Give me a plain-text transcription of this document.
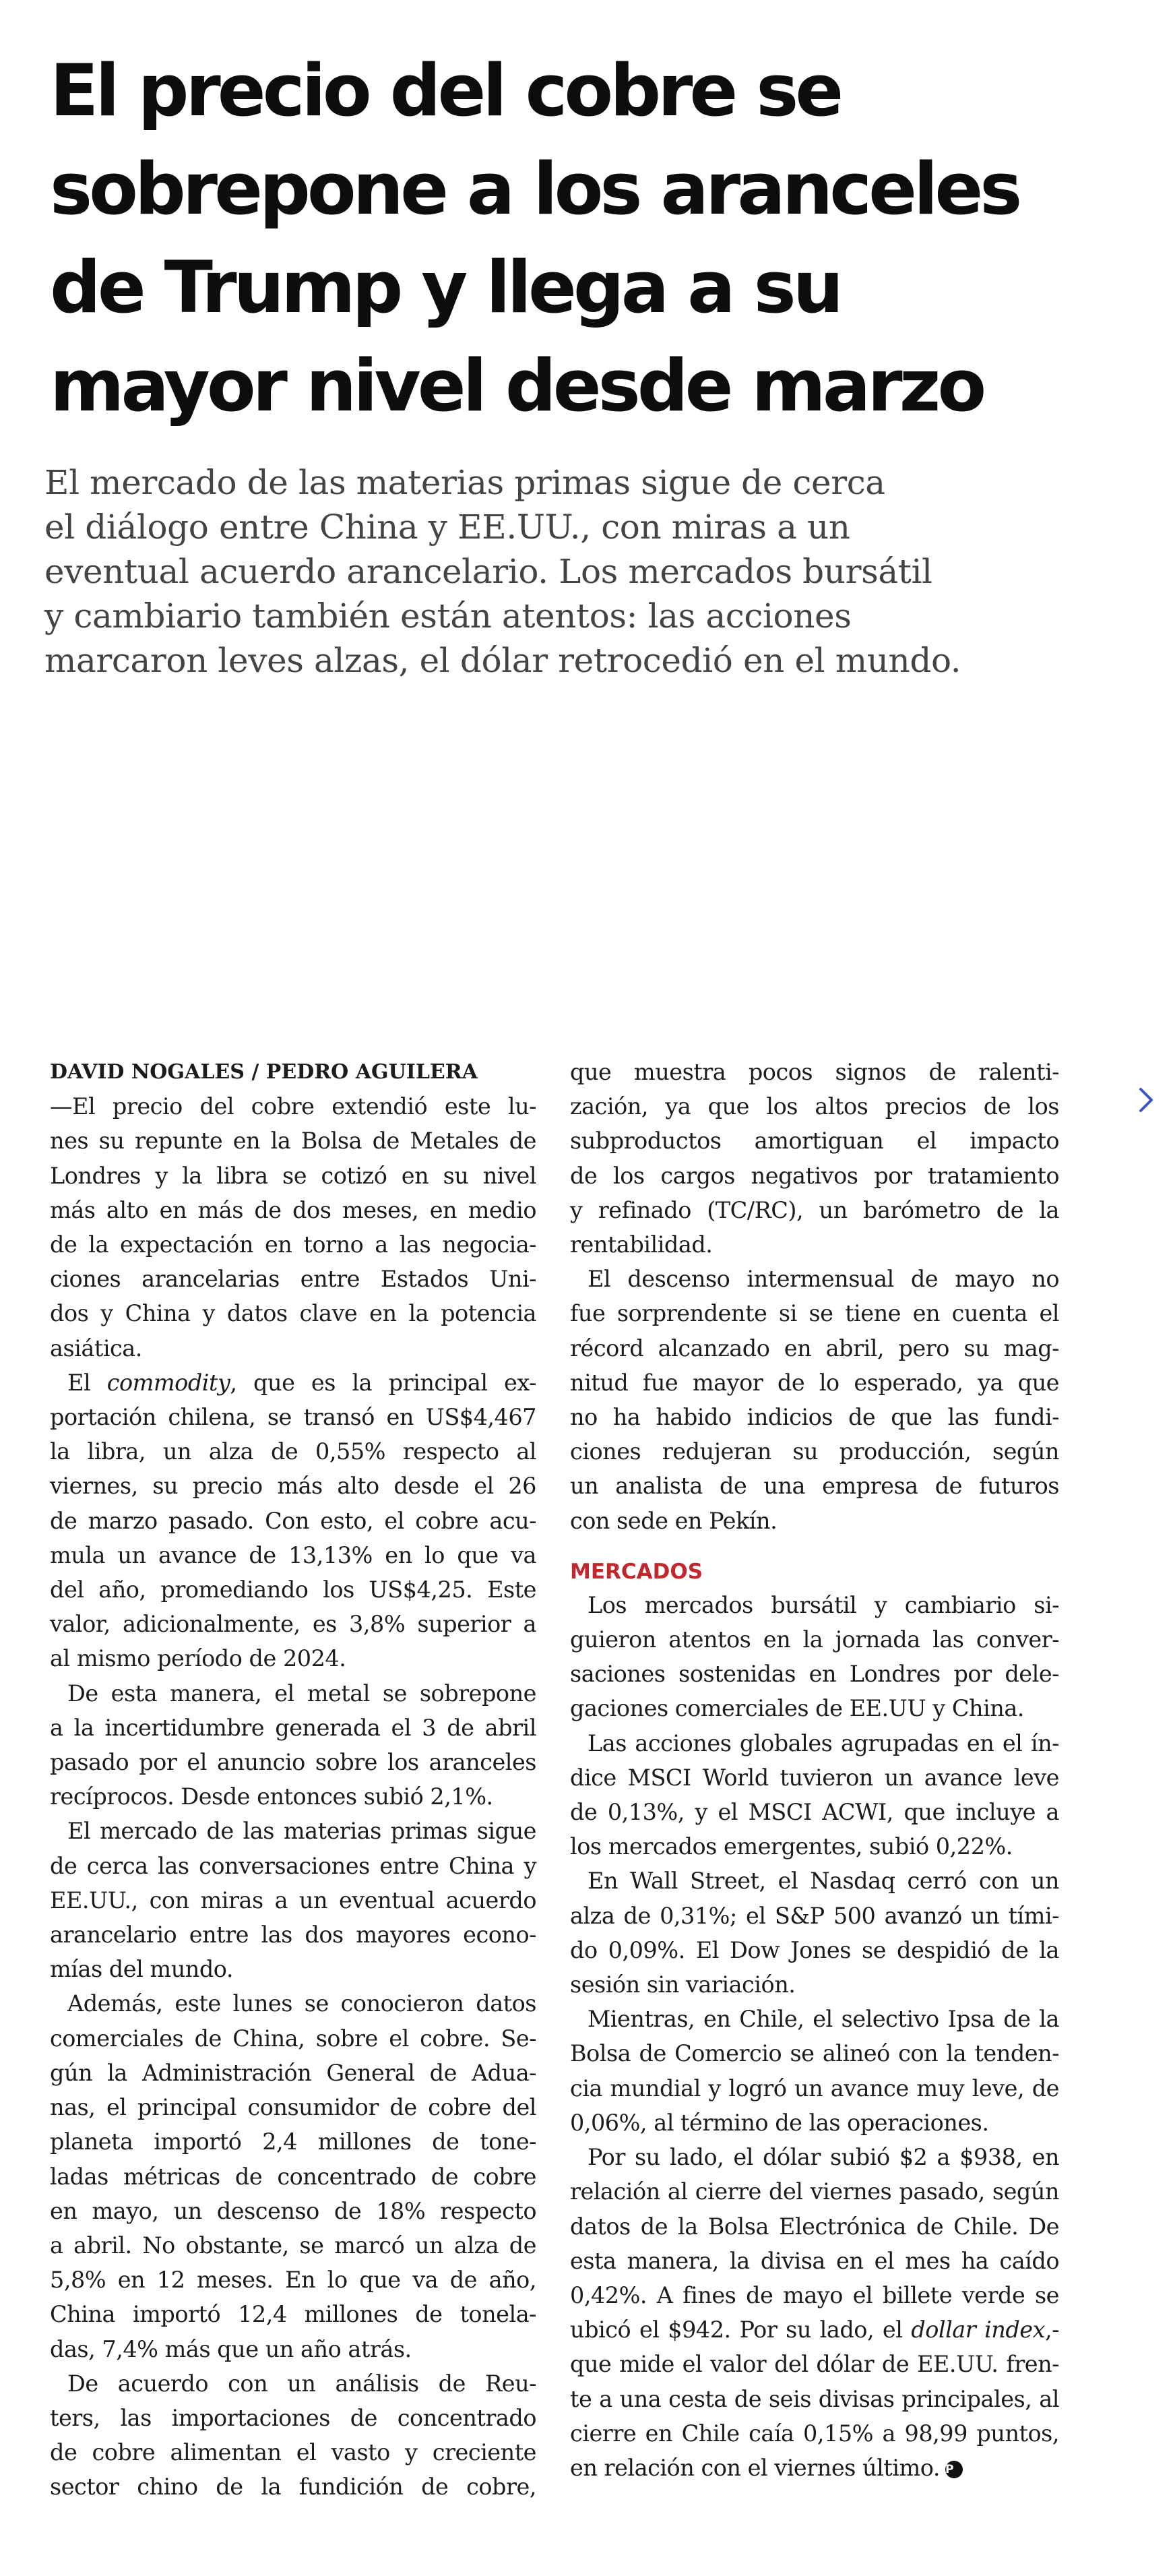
El precio del cobre se
sobrepone a los aranceles
de Trump y llega a su
mayor nivel desde marzo

El mercado de las materias primas sigue de cerca
el diálogo entre China y EE.UU., con miras a un
eventual acuerdo arancelario. Los mercados bursátil
y cambiario también están atentos: las acciones
marcaron leves alzas, el dólar retrocedió en el mundo.

DAVID NOGALES / PEDRO AGUILERA
—El precio del cobre extendió este lu-
nes su repunte en la Bolsa de Metales de
Londres y la libra se cotizó en su nivel
más alto en más de dos meses, en medio
de la expectación en torno a las negocia-
ciones arancelarias entre Estados Uni-
dos y China y datos clave en la potencia
asiática.
El commodity, que es la principal ex-
portación chilena, se transó en US$4,467
la libra, un alza de 0,55% respecto al
viernes, su precio más alto desde el 26
de marzo pasado. Con esto, el cobre acu-
mula un avance de 13,13% en lo que va
del año, promediando los US$4,25. Este
valor, adicionalmente, es 3,8% superior a
al mismo período de 2024.
De esta manera, el metal se sobrepone
a la incertidumbre generada el 3 de abril
pasado por el anuncio sobre los aranceles
recíprocos. Desde entonces subió 2,1%.
El mercado de las materias primas sigue
de cerca las conversaciones entre China y
EE.UU., con miras a un eventual acuerdo
arancelario entre las dos mayores econo-
mías del mundo.
Además, este lunes se conocieron datos
comerciales de China, sobre el cobre. Se-
gún la Administración General de Adua-
nas, el principal consumidor de cobre del
planeta importó 2,4 millones de tone-
ladas métricas de concentrado de cobre
en mayo, un descenso de 18% respecto
a abril. No obstante, se marcó un alza de
5,8% en 12 meses. En lo que va de año,
China importó 12,4 millones de tonela-
das, 7,4% más que un año atrás.
De acuerdo con un análisis de Reu-
ters, las importaciones de concentrado
de cobre alimentan el vasto y creciente
sector chino de la fundición de cobre,
que muestra pocos signos de ralenti-
zación, ya que los altos precios de los
subproductos amortiguan el impacto
de los cargos negativos por tratamiento
y refinado (TC/RC), un barómetro de la
rentabilidad.
El descenso intermensual de mayo no
fue sorprendente si se tiene en cuenta el
récord alcanzado en abril, pero su mag-
nitud fue mayor de lo esperado, ya que
no ha habido indicios de que las fundi-
ciones redujeran su producción, según
un analista de una empresa de futuros
con sede en Pekín.
MERCADOS
Los mercados bursátil y cambiario si-
guieron atentos en la jornada las conver-
saciones sostenidas en Londres por dele-
gaciones comerciales de EE.UU y China.
Las acciones globales agrupadas en el ín-
dice MSCI World tuvieron un avance leve
de 0,13%, y el MSCI ACWI, que incluye a
los mercados emergentes, subió 0,22%.
En Wall Street, el Nasdaq cerró con un
alza de 0,31%; el S&P 500 avanzó un tími-
do 0,09%. El Dow Jones se despidió de la
sesión sin variación.
Mientras, en Chile, el selectivo Ipsa de la
Bolsa de Comercio se alineó con la tenden-
cia mundial y logró un avance muy leve, de
0,06%, al término de las operaciones.
Por su lado, el dólar subió $2 a $938, en
relación al cierre del viernes pasado, según
datos de la Bolsa Electrónica de Chile. De
esta manera, la divisa en el mes ha caído
0,42%. A fines de mayo el billete verde se
ubicó el $942. Por su lado, el dollar index,-
que mide el valor del dólar de EE.UU. fren-
te a una cesta de seis divisas principales, al
cierre en Chile caía 0,15% a 98,99 puntos,
en relación con el viernes último. P
